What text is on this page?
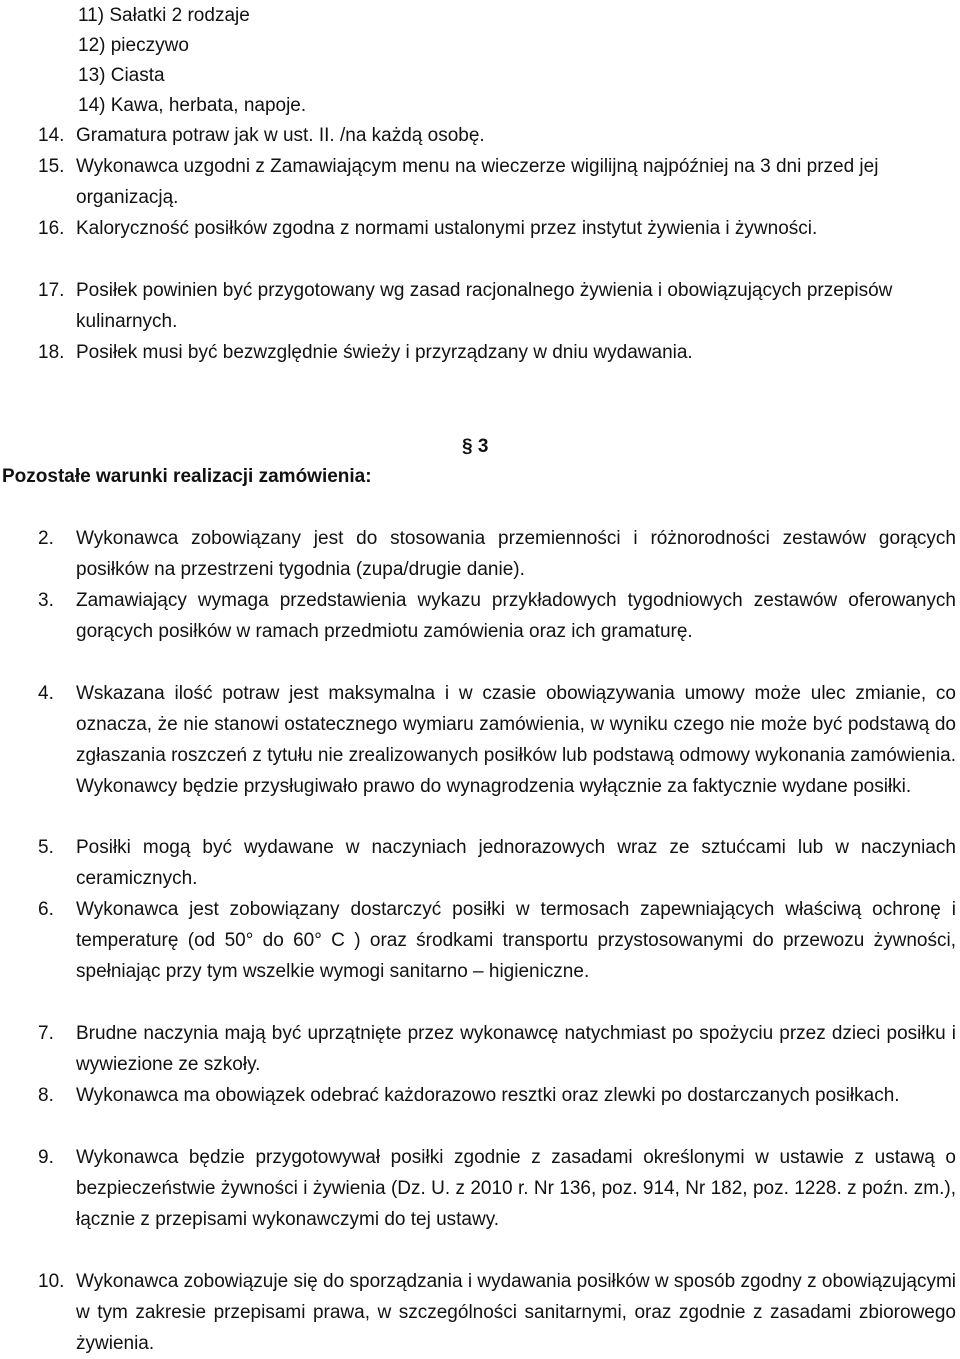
11) Sałatki 2 rodzaje
12) pieczywo
13) Ciasta
14) Kawa, herbata, napoje.
14. Gramatura potraw jak w ust. II. /na każdą osobę.
15. Wykonawca uzgodni z Zamawiającym menu na wieczerze wigilijną najpóźniej na 3 dni przed jej organizacją.
16. Kaloryczność posiłków zgodna z normami ustalonymi przez instytut żywienia i żywności.
17. Posiłek powinien być przygotowany wg zasad racjonalnego żywienia i obowiązujących przepisów kulinarnych.
18. Posiłek musi być bezwzględnie świeży i przyrządzany w dniu wydawania.
§ 3
Pozostałe warunki realizacji zamówienia:
2. Wykonawca zobowiązany jest do stosowania przemienności i różnorodności zestawów gorących posiłków na przestrzeni tygodnia (zupa/drugie danie).
3. Zamawiający wymaga przedstawienia wykazu przykładowych tygodniowych zestawów oferowanych gorących posiłków w ramach przedmiotu zamówienia oraz ich gramaturę.
4. Wskazana ilość potraw jest maksymalna i w czasie obowiązywania umowy może ulec zmianie, co oznacza, że nie stanowi ostatecznego wymiaru zamówienia, w wyniku czego nie może być podstawą do zgłaszania roszczeń z tytułu nie zrealizowanych posiłków lub podstawą odmowy wykonania zamówienia. Wykonawcy będzie przysługiwało prawo do wynagrodzenia wyłącznie za faktycznie wydane posiłki.
5. Posiłki mogą być wydawane w naczyniach jednorazowych wraz ze sztućcami lub w naczyniach ceramicznych.
6. Wykonawca jest zobowiązany dostarczyć posiłki w termosach zapewniających właściwą ochronę i temperaturę (od 50° do 60° C ) oraz środkami transportu przystosowanymi do przewozu żywności, spełniając przy tym wszelkie wymogi sanitarno – higieniczne.
7. Brudne naczynia mają być uprzątnięte przez wykonawcę natychmiast po spożyciu przez dzieci posiłku i wywiezione ze szkoły.
8. Wykonawca ma obowiązek odebrać każdorazowo resztki oraz zlewki po dostarczanych posiłkach.
9. Wykonawca będzie przygotowywał posiłki zgodnie z zasadami określonymi w ustawie z ustawą o bezpieczeństwie żywności i żywienia (Dz. U. z 2010 r. Nr 136, poz. 914, Nr 182, poz. 1228. z poźn. zm.), łącznie z przepisami wykonawczymi do tej ustawy.
10. Wykonawca zobowiązuje się do sporządzania i wydawania posiłków w sposób zgodny z obowiązującymi w tym zakresie przepisami prawa, w szczególności sanitarnymi, oraz zgodnie z zasadami zbiorowego żywienia.
